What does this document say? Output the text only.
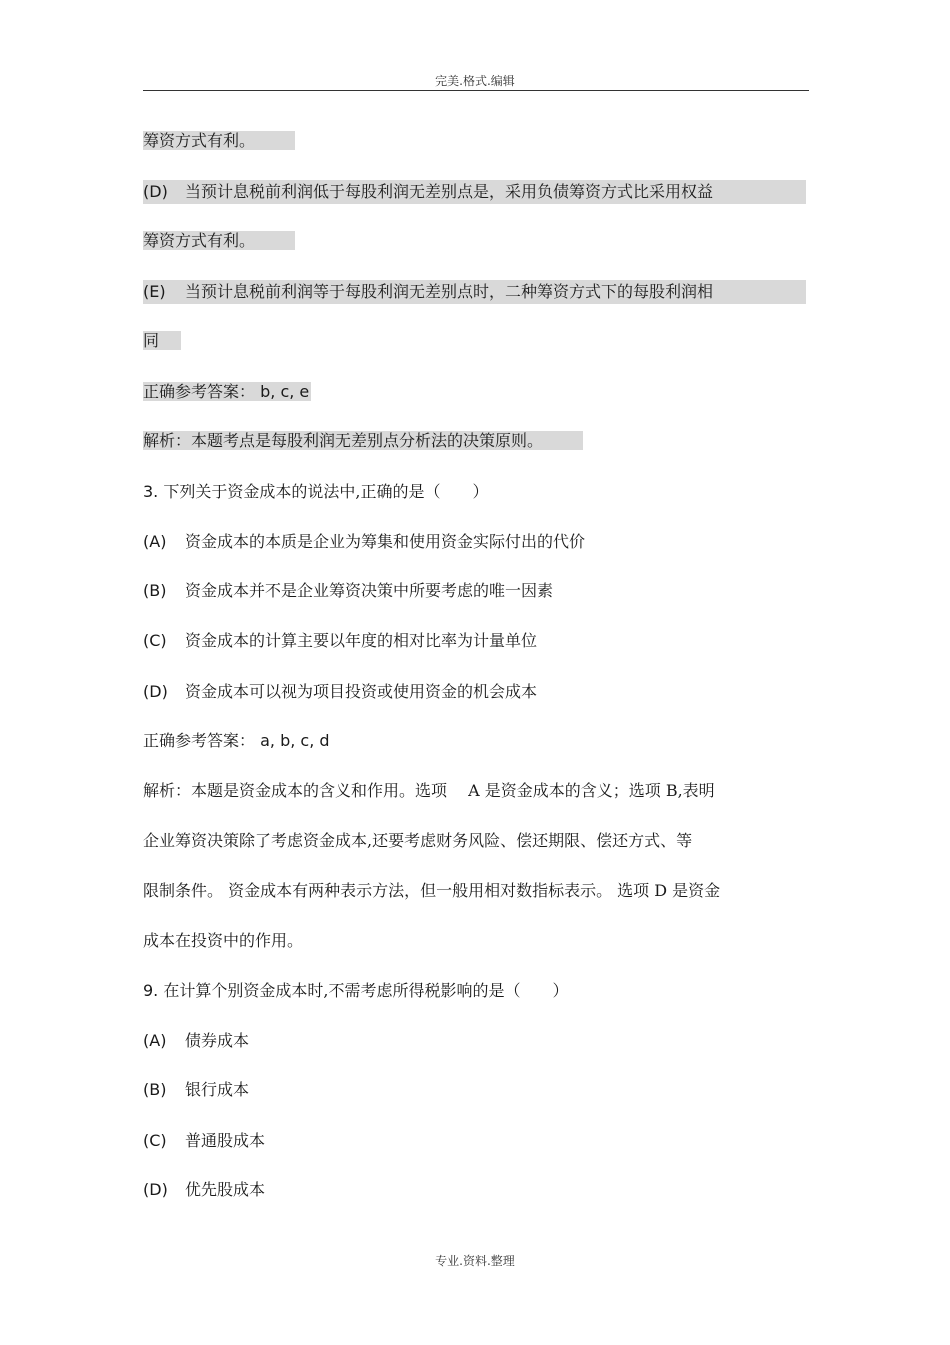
完美.格式.编辑
筹资方式有利。
(D) 当预计息税前利润低于每股利润无差别点是，采用负债筹资方式比采用权益
筹资方式有利。
(E) 当预计息税前利润等于每股利润无差别点时，二种筹资方式下的每股利润相
同
正确参考答案： b, c, e
解析：本题考点是每股利润无差别点分析法的决策原则。
3. 下列关于资金成本的说法中,正确的是（　　）
(A) 资金成本的本质是企业为筹集和使用资金实际付出的代价
(B) 资金成本并不是企业筹资决策中所要考虑的唯一因素
(C) 资金成本的计算主要以年度的相对比率为计量单位
(D) 资金成本可以视为项目投资或使用资金的机会成本
正确参考答案： a, b, c, d
解析：本题是资金成本的含义和作用。选项　 A 是资金成本的含义；选项 B,表明
企业筹资决策除了考虑资金成本,还要考虑财务风险、偿还期限、偿还方式、等
限制条件。 资金成本有两种表示方法，但一般用相对数指标表示。 选项 D 是资金
成本在投资中的作用。
9. 在计算个别资金成本时,不需考虑所得税影响的是（　　）
(A) 债券成本
(B) 银行成本
(C) 普通股成本
(D) 优先股成本
专业.资料.整理
